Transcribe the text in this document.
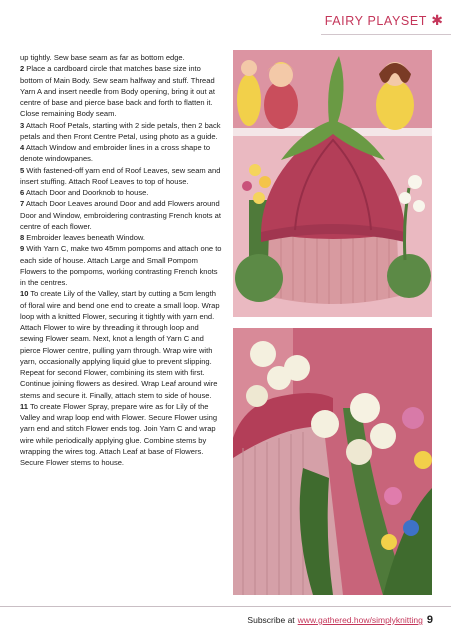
FAIRY PLAYSET ✱

up tightly. Sew base seam as far as bottom edge.

2 Place a cardboard circle that matches base size into bottom of Main Body. Sew seam halfway and stuff. Thread Yarn A and insert needle from Body opening, bring it out at centre of base and pierce base back and forth to flatten it. Close remaining Body seam.

3 Attach Roof Petals, starting with 2 side petals, then 2 back petals and then Front Centre Petal, using photo as a guide.

4 Attach Window and embroider lines in a cross shape to denote windowpanes.

5 With fastened-off yarn end of Roof Leaves, sew seam and insert stuffing. Attach Roof Leaves to top of house.

6 Attach Door and Doorknob to house.

7 Attach Door Leaves around Door and add Flowers around Door and Window, embroidering contrasting French knots at centre of each flower.

8 Embroider leaves beneath Window.

9 With Yarn C, make two 45mm pompoms and attach one to each side of house. Attach Large and Small Pompom Flowers to the pompoms, working contrasting French knots in the centres.

10 To create Lily of the Valley, start by cutting a 5cm length of floral wire and bend one end to create a small loop. Wrap loop with a knitted Flower, securing it tightly with yarn end. Attach Flower to wire by threading it through loop and sewing Flower seam. Next, knot a length of Yarn C and pierce Flower centre, pulling yarn through. Wrap wire with yarn, occasionally applying liquid glue to prevent slipping. Repeat for second Flower, combining its stem with first. Continue joining flowers as desired. Wrap Leaf around wire stems and secure it. Finally, attach stem to side of house.

11 To create Flower Spray, prepare wire as for Lily of the Valley and wrap loop end with Flower. Secure Flower using yarn end and stitch Flower ends tog. Join Yarn C and wrap wire while periodically applying glue. Combine stems by wrapping the wires tog. Attach Leaf at base of Flowers. Secure Flower stems to house.

Subscribe at www.gathered.how/simplyknitting 9
